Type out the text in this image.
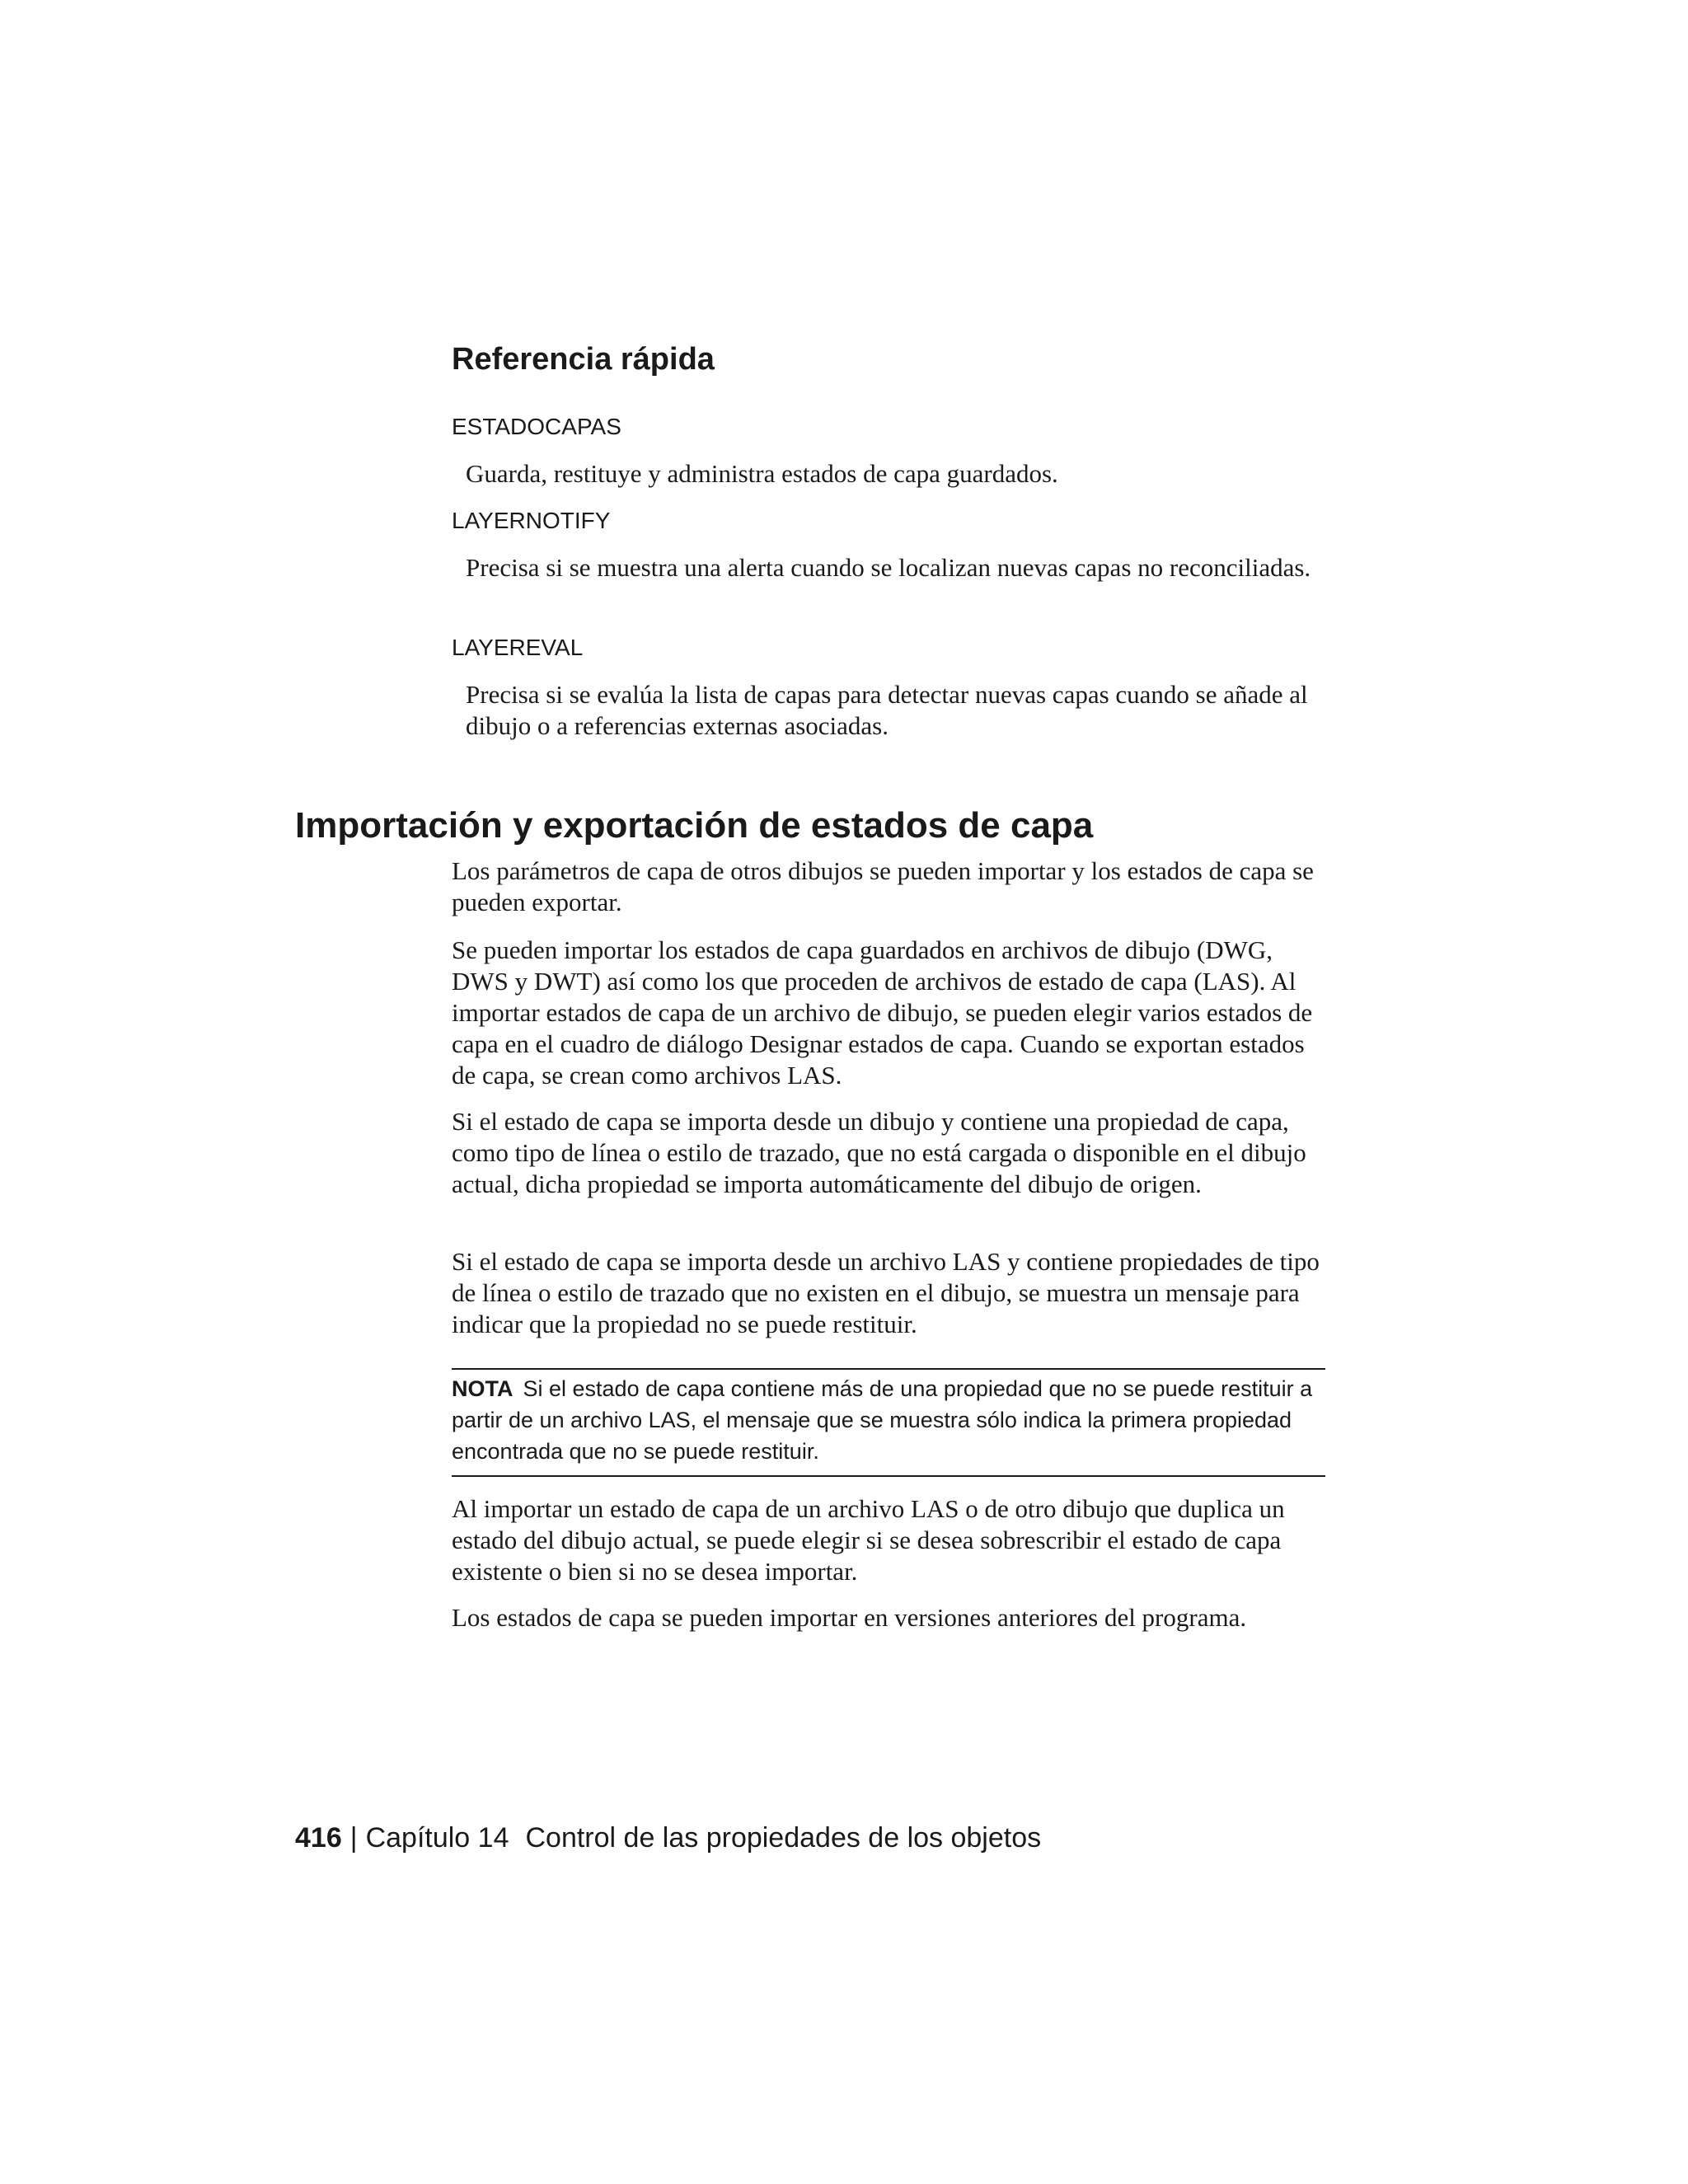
Referencia rápida

ESTADOCAPAS

Guarda, restituye y administra estados de capa guardados.

LAYERNOTIFY

Precisa si se muestra una alerta cuando se localizan nuevas capas no reconciliadas.

LAYEREVAL

Precisa si se evalúa la lista de capas para detectar nuevas capas cuando se añade al dibujo o a referencias externas asociadas.

Importación y exportación de estados de capa

Los parámetros de capa de otros dibujos se pueden importar y los estados de capa se pueden exportar.

Se pueden importar los estados de capa guardados en archivos de dibujo (DWG, DWS y DWT) así como los que proceden de archivos de estado de capa (LAS). Al importar estados de capa de un archivo de dibujo, se pueden elegir varios estados de capa en el cuadro de diálogo Designar estados de capa. Cuando se exportan estados de capa, se crean como archivos LAS.

Si el estado de capa se importa desde un dibujo y contiene una propiedad de capa, como tipo de línea o estilo de trazado, que no está cargada o disponible en el dibujo actual, dicha propiedad se importa automáticamente del dibujo de origen.

Si el estado de capa se importa desde un archivo LAS y contiene propiedades de tipo de línea o estilo de trazado que no existen en el dibujo, se muestra un mensaje para indicar que la propiedad no se puede restituir.

NOTA Si el estado de capa contiene más de una propiedad que no se puede restituir a partir de un archivo LAS, el mensaje que se muestra sólo indica la primera propiedad encontrada que no se puede restituir.

Al importar un estado de capa de un archivo LAS o de otro dibujo que duplica un estado del dibujo actual, se puede elegir si se desea sobrescribir el estado de capa existente o bien si no se desea importar.

Los estados de capa se pueden importar en versiones anteriores del programa.

416 | Capítulo 14 Control de las propiedades de los objetos
